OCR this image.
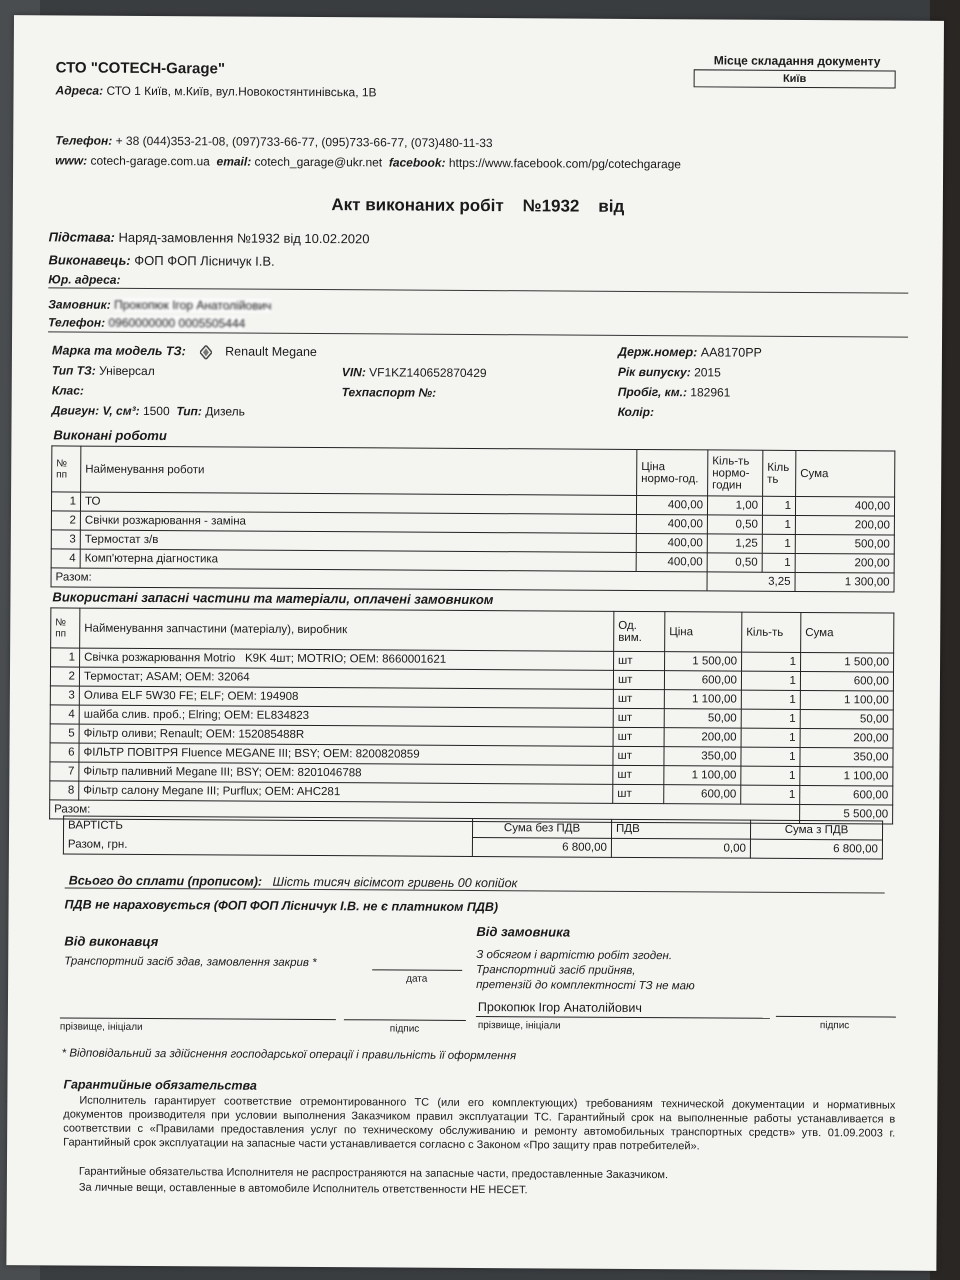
СТО "COTECH-Garage"
Адреса: СТО 1 Київ, м.Київ, вул.Новокостянтинівська, 1В
Телефон: + 38 (044)353-21-08, (097)733-66-77, (095)733-66-77, (073)480-11-33
www: cotech-garage.com.ua email: cotech_garage@ukr.net facebook: https://www.facebook.com/pg/cotechgarage
Місце складання документу
Київ
Акт виконаних робіт    №1932    від
Підстава: Наряд-замовлення №1932 від 10.02.2020
Виконавець: ФОП ФОП Лісничук І.В.
Юр. адреса:
Замовник: Прокопюк Ігор Анатолійович
Телефон: 0960000000 0005505444
Марка та модель ТЗ:	Renault Megane
Тип ТЗ: Універсал
Клас:
Двигун: V, см³: 1500 Тип: Дизель
VIN: VF1KZ140652870429
Техпаспорт №:
Держ.номер: AA8170PP
Рік випуску: 2015
Пробіг, км.: 182961
Колір:
Виконані роботи
№ пп	Найменування роботи	Ціна нормо-год.	Кіль-ть нормо-годин	Кіль ть	Сума
1	ТО	400,00	1,00	1	400,00
2	Свічки розжарювання - заміна	400,00	0,50	1	200,00
3	Термостат з/в	400,00	1,25	1	500,00
4	Комп'ютерна діагностика	400,00	0,50	1	200,00
Разом:			3,25		1 300,00
Використані запасні частини та матеріали, оплачені замовником
№ пп	Найменування запчастини (матеріалу), виробник	Од. вим.	Ціна	Кіль-ть	Сума
1	Свічка розжарювання Motrio   K9K 4шт; MOTRIO; OEM: 8660001621	шт	1 500,00	1	1 500,00
2	Термостат; ASAM; OEM: 32064	шт	600,00	1	600,00
3	Олива ELF 5W30 FE; ELF; OEM: 194908	шт	1 100,00	1	1 100,00
4	шайба слив. проб.; Elring; OEM: EL834823	шт	50,00	1	50,00
5	Фільтр оливи; Renault; OEM: 152085488R	шт	200,00	1	200,00
6	ФІЛЬТР ПОВІТРЯ Fluence MEGANE III; BSY; OEM: 8200820859	шт	350,00	1	350,00
7	Фільтр паливний Megane III; BSY; OEM: 8201046788	шт	1 100,00	1	1 100,00
8	Фільтр салону Megane III; Purflux; OEM: AHC281	шт	600,00	1	600,00
Разом:					5 500,00
ВАРТІСТЬ	Сума без ПДВ	ПДВ	Сума з ПДВ
Разом, грн.	6 800,00	0,00	6 800,00
Всього до сплати (прописом): Шість тисяч вісімсот гривень 00 копійок
ПДВ не нараховується (ФОП ФОП Лісничук І.В. не є платником ПДВ)
Від виконавця
Транспортний засіб здав, замовлення закрив *
дата
прізвище, ініціали	підпис
Від замовника
З обсягом і вартістю робіт згоден.
Транспортний засіб прийняв,
претензій до комплектності ТЗ не маю
Прокопюк Ігор Анатолійович
прізвище, ініціали	підпис
* Відповідальний за здійснення господарської операції і правильність її оформлення
Гарантийные обязательства
Исполнитель гарантирует соответствие отремонтированного ТС (или его комплектующих) требованиям технической документации и нормативных документов производителя при условии выполнения Заказчиком правил эксплуатации ТС. Гарантийный срок на выполненные работы устанавливается в соответствии с «Правилами предоставления услуг по техническому обслуживанию и ремонту автомобильных транспортных средств» утв. 01.09.2003 г. Гарантийный срок эксплуатации на запасные части устанавливается согласно с Законом «Про защиту прав потребителей».
Гарантийные обязательства Исполнителя не распространяются на запасные части, предоставленные Заказчиком.
За личные вещи, оставленные в автомобиле Исполнитель ответственности НЕ НЕСЕТ.
